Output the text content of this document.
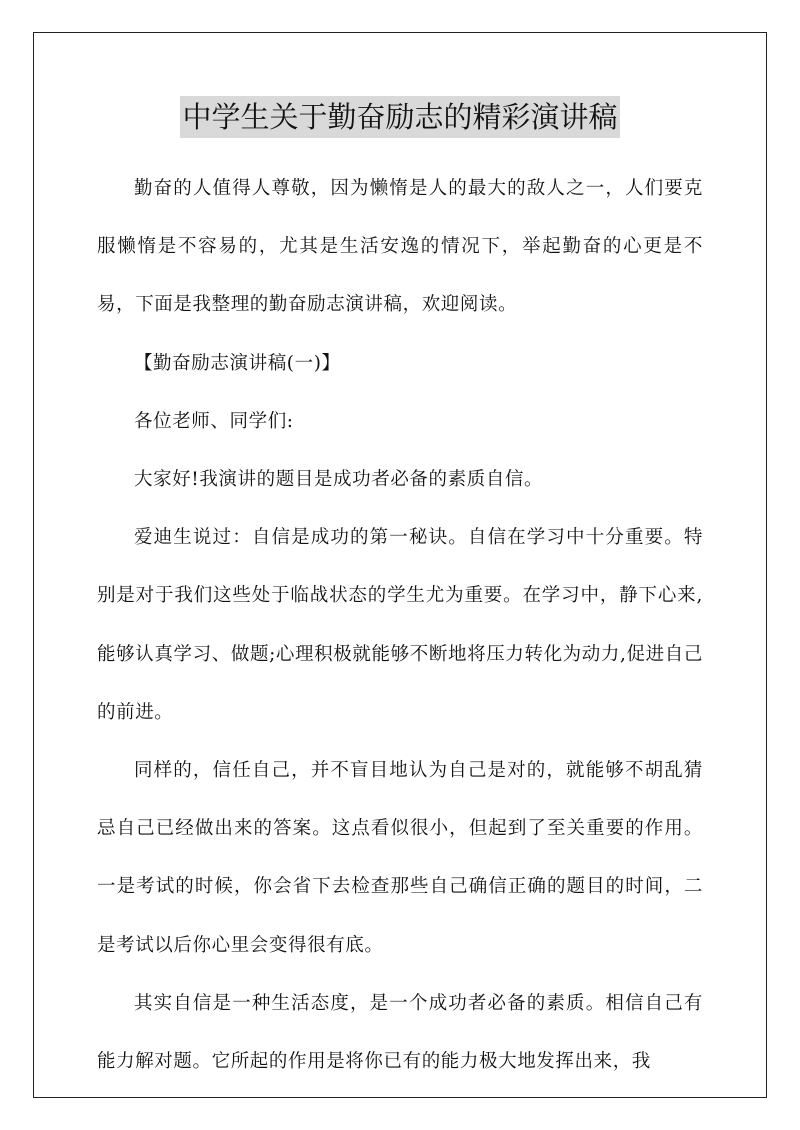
中学生关于勤奋励志的精彩演讲稿

勤奋的人值得人尊敬，因为懒惰是人的最大的敌人之一，人们要克服懒惰是不容易的，尤其是生活安逸的情况下，举起勤奋的心更是不易，下面是我整理的勤奋励志演讲稿，欢迎阅读。

【勤奋励志演讲稿(一)】

各位老师、同学们:

大家好!我演讲的题目是成功者必备的素质自信。

爱迪生说过：自信是成功的第一秘诀。自信在学习中十分重要。特别是对于我们这些处于临战状态的学生尤为重要。在学习中，静下心来,能够认真学习、做题;心理积极就能够不断地将压力转化为动力,促进自己的前进。

同样的，信任自己，并不盲目地认为自己是对的，就能够不胡乱猜忌自己已经做出来的答案。这点看似很小，但起到了至关重要的作用。一是考试的时候，你会省下去检查那些自己确信正确的题目的时间，二是考试以后你心里会变得很有底。

其实自信是一种生活态度，是一个成功者必备的素质。相信自己有能力解对题。它所起的作用是将你已有的能力极大地发挥出来，我
